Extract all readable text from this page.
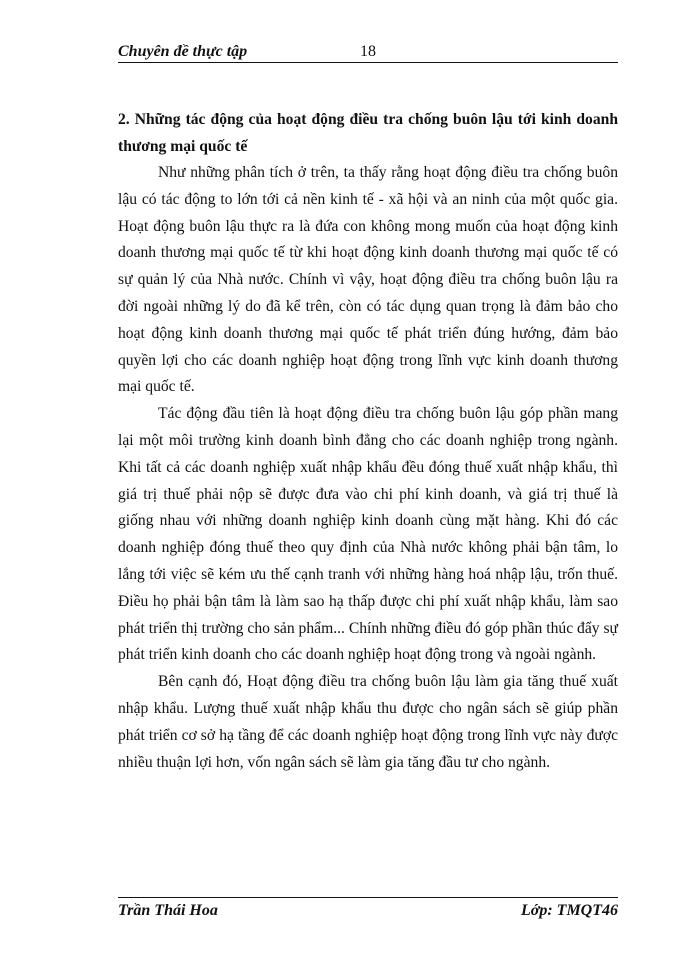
Chuyên đề thực tập	18

2. Những tác động của hoạt động điều tra chống buôn lậu tới kinh doanh thương mại quốc tế

Như những phân tích ở trên, ta thấy rằng hoạt động điều tra chống buôn lậu có tác động to lớn tới cả nền kinh tế - xã hội và an ninh của một quốc gia. Hoạt động buôn lậu thực ra là đứa con không mong muốn của hoạt động kinh doanh thương mại quốc tế từ khi hoạt động kinh doanh thương mại quốc tế có sự quản lý của Nhà nước. Chính vì vậy, hoạt động điều tra chống buôn lậu ra đời ngoài những lý do đã kể trên, còn có tác dụng quan trọng là đảm bảo cho hoạt động kinh doanh thương mại quốc tế phát triển đúng hướng, đảm bảo quyền lợi cho các doanh nghiệp hoạt động trong lĩnh vực kinh doanh thương mại quốc tế.

Tác động đầu tiên là hoạt động điều tra chống buôn lậu góp phần mang lại một môi trường kinh doanh bình đẳng cho các doanh nghiệp trong ngành. Khi tất cả các doanh nghiệp xuất nhập khẩu đều đóng thuế xuất nhập khẩu, thì giá trị thuế phải nộp sẽ được đưa vào chi phí kinh doanh, và giá trị thuế là giống nhau với những doanh nghiệp kinh doanh cùng mặt hàng. Khi đó các doanh nghiệp đóng thuế theo quy định của Nhà nước không phải bận tâm, lo lắng tới việc sẽ kém ưu thế cạnh tranh với những hàng hoá nhập lậu, trốn thuế. Điều họ phải bận tâm là làm sao hạ thấp được chi phí xuất nhập khẩu, làm sao phát triển thị trường cho sản phẩm... Chính những điều đó góp phần thúc đẩy sự phát triển kinh doanh cho các doanh nghiệp hoạt động trong và ngoài ngành.

Bên cạnh đó, Hoạt động điều tra chống buôn lậu làm gia tăng thuế xuất nhập khẩu. Lượng thuế xuất nhập khẩu thu được cho ngân sách sẽ giúp phần phát triển cơ sở hạ tầng để các doanh nghiệp hoạt động trong lĩnh vực này được nhiều thuận lợi hơn, vốn ngân sách sẽ làm gia tăng đầu tư cho ngành.

Trần Thái Hoa	Lớp: TMQT46
